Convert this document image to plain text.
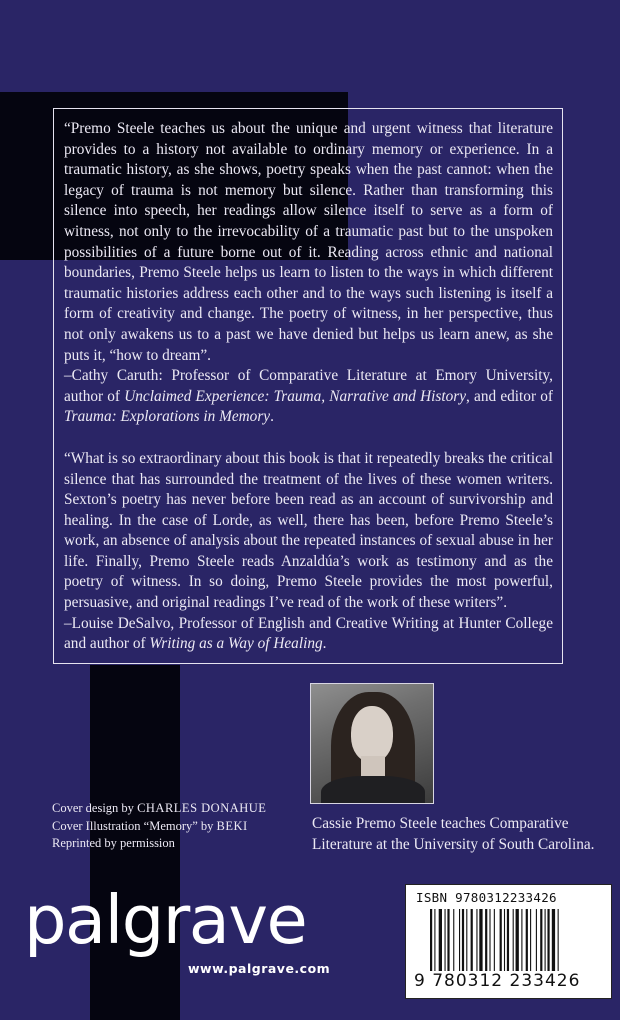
“Premo Steele teaches us about the unique and urgent witness that literature provides to a history not available to ordinary memory or experience. In a traumatic history, as she shows, poetry speaks when the past cannot: when the legacy of trauma is not memory but silence. Rather than transforming this silence into speech, her readings allow silence itself to serve as a form of witness, not only to the irrevocability of a traumatic past but to the unspoken possibilities of a future borne out of it. Reading across ethnic and national boundaries, Premo Steele helps us learn to listen to the ways in which different traumatic histories address each other and to the ways such listening is itself a form of creativity and change. The poetry of witness, in her perspective, thus not only awakens us to a past we have denied but helps us learn anew, as she puts it, “how to dream”.
–Cathy Caruth: Professor of Comparative Literature at Emory University, author of Unclaimed Experience: Trauma, Narrative and History, and editor of Trauma: Explorations in Memory.

“What is so extraordinary about this book is that it repeatedly breaks the critical silence that has surrounded the treatment of the lives of these women writers. Sexton’s poetry has never before been read as an account of survivorship and healing. In the case of Lorde, as well, there has been, before Premo Steele’s work, an absence of analysis about the repeated instances of sexual abuse in her life. Finally, Premo Steele reads Anzaldúa’s work as testimony and as the poetry of witness. In so doing, Premo Steele provides the most powerful, persuasive, and original readings I’ve read of the work of these writers”.
–Louise DeSalvo, Professor of English and Creative Writing at Hunter College and author of Writing as a Way of Healing.

Cassie Premo Steele teaches Comparative Literature at the University of South Carolina.
Cover design by CHARLES DONAHUE
Cover Illustration “Memory” by BEKI
Reprinted by permission
palgrave
www.palgrave.com
ISBN 9780312233426
9 780312 233426
